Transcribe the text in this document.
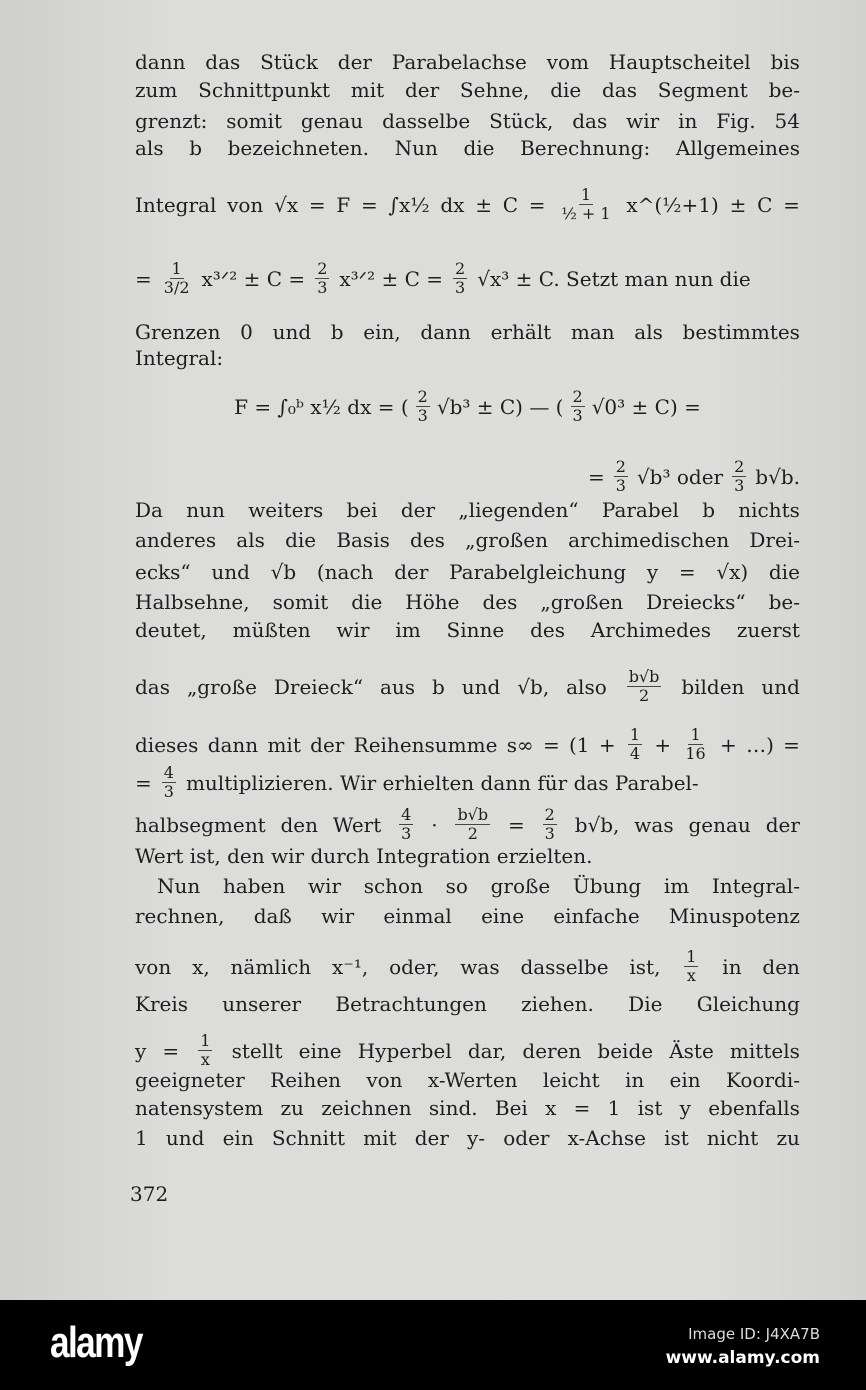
dann das Stück der Parabelachse vom Hauptscheitel bis
zum Schnittpunkt mit der Sehne, die das Segment be-
grenzt: somit genau dasselbe Stück, das wir in Fig. 54
als b bezeichneten. Nun die Berechnung: Allgemeines
Integral von √x = F = ∫x½ dx ± $C = \frac{1}{\text{½ + 1}}$ x^(½+1) ± C =
= $\frac{1}{3/2}$ x³ᐟ² ± $C = \frac{2}{3}$ x³ᐟ² ± $C = \frac{2}{3} √x^3 \pm C$. Setzt man nun die
Grenzen 0 und b ein, dann erhält man als bestimmtes
Integral:
F = ∫₀ᵇ x½ dx = ( $\frac{2}{3} √b^3 \pm C$) — ( $\frac{2}{3} √0^3 \pm C$) =
= $\frac{2}{3} √b^3$ oder $\frac{2}{3} b√b$.
Da nun weiters bei der „liegenden“ Parabel b nichts
anderes als die Basis des „großen archimedischen Drei-
ecks“ und √b (nach der Parabelgleichung y = √x) die
Halbsehne, somit die Höhe des „großen Dreiecks“ be-
deutet, müßten wir im Sinne des Archimedes zuerst
das „große Dreieck“ aus b und √b, also $\frac{b√b}{2}$ bilden und
dieses dann mit der Reihensumme $s\infty = (1 + \frac{1}{4} + \frac{1}{16}$ + …) =
= $\frac{4}{3}$ multiplizieren. Wir erhielten dann für das Parabel-
halbsegment den Wert $\frac{4}{3} \cdot \frac{b√b}{2} = \frac{2}{3} b√b$, was genau der
Wert ist, den wir durch Integration erzielten.
Nun haben wir schon so große Übung im Integral-
rechnen, daß wir einmal eine einfache Minuspotenz
von x, nämlich x⁻¹, oder, was dasselbe ist, $\frac{1}{x}$ in den
Kreis unserer Betrachtungen ziehen. Die Gleichung
$y = \frac{1}{x}$ stellt eine Hyperbel dar, deren beide Äste mittels
geeigneter Reihen von x-Werten leicht in ein Koordi-
natensystem zu zeichnen sind. Bei x = 1 ist y ebenfalls
1 und ein Schnitt mit der y- oder x-Achse ist nicht zu
372
alamy	Image ID: J4XA7B
www.alamy.com
